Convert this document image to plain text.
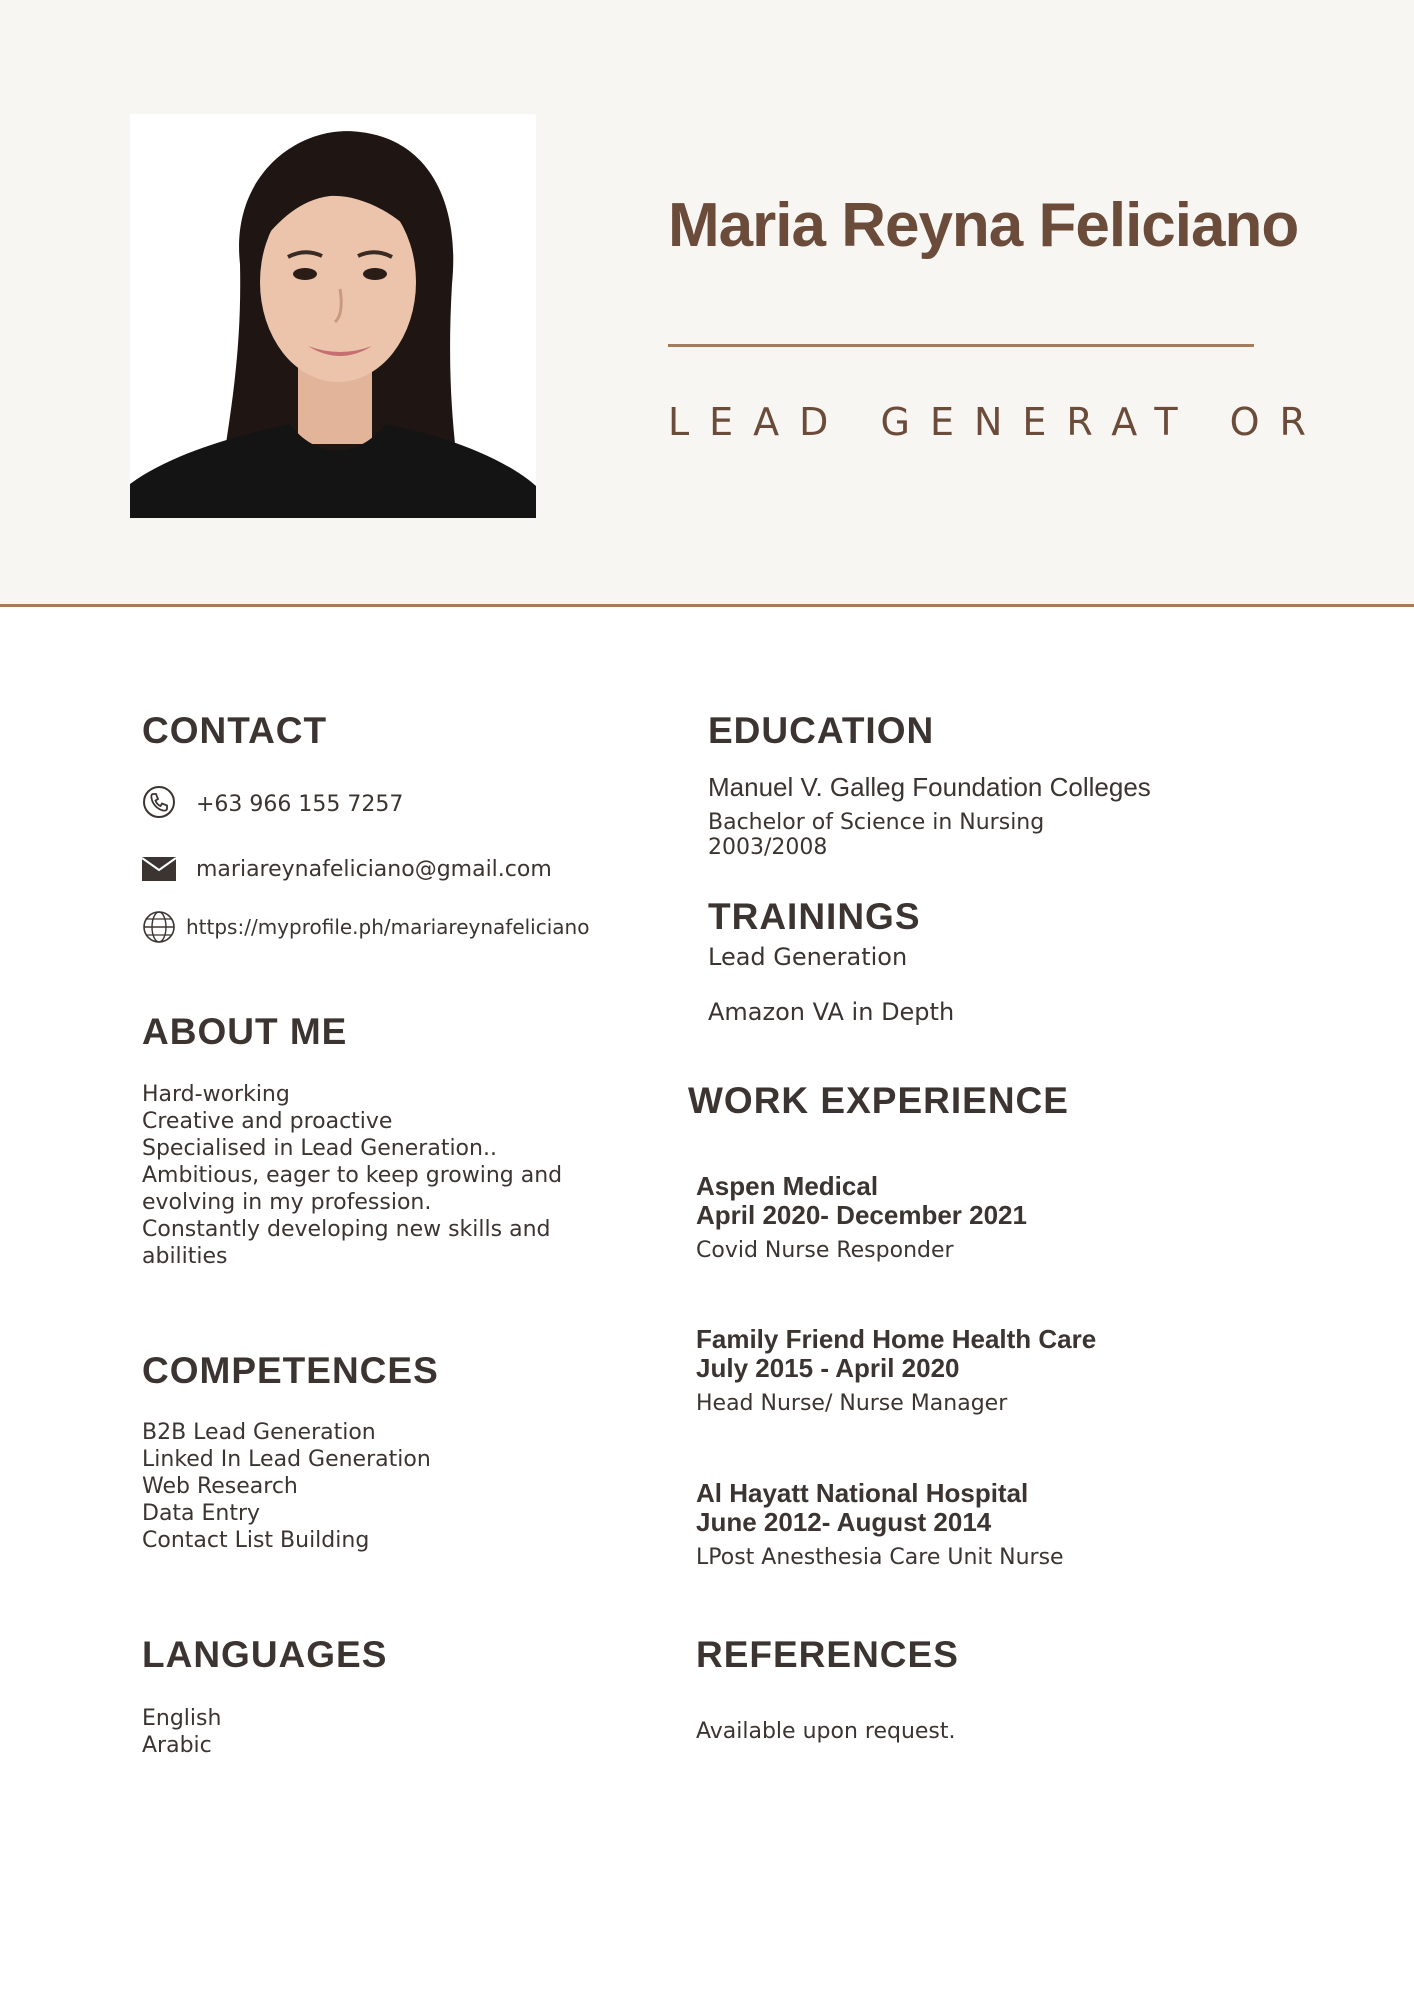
Maria Reyna Feliciano

LEAD GENERAT OR

CONTACT

+63 966 155 7257

mariareynafeliciano@gmail.com

https://myprofile.ph/mariareynafeliciano

ABOUT ME
Hard-working
Creative and proactive
Specialised in Lead Generation..
Ambitious, eager to keep growing and
evolving in my profession.
Constantly developing new skills and
abilities
COMPETENCES
B2B Lead Generation
Linked In Lead Generation
Web Research
Data Entry
Contact List Building
LANGUAGES
English
Arabic
EDUCATION

Manuel V. Galleg Foundation Colleges

Bachelor of Science in Nursing

2003/2008

TRAININGS

Lead Generation

Amazon VA in Depth

WORK EXPERIENCE

Aspen Medical

April 2020- December 2021

Covid Nurse Responder

Family Friend Home Health Care

July 2015 - April 2020

Head Nurse/ Nurse Manager

Al Hayatt National Hospital

June 2012- August 2014

LPost Anesthesia Care Unit Nurse

REFERENCES

Available upon request.
